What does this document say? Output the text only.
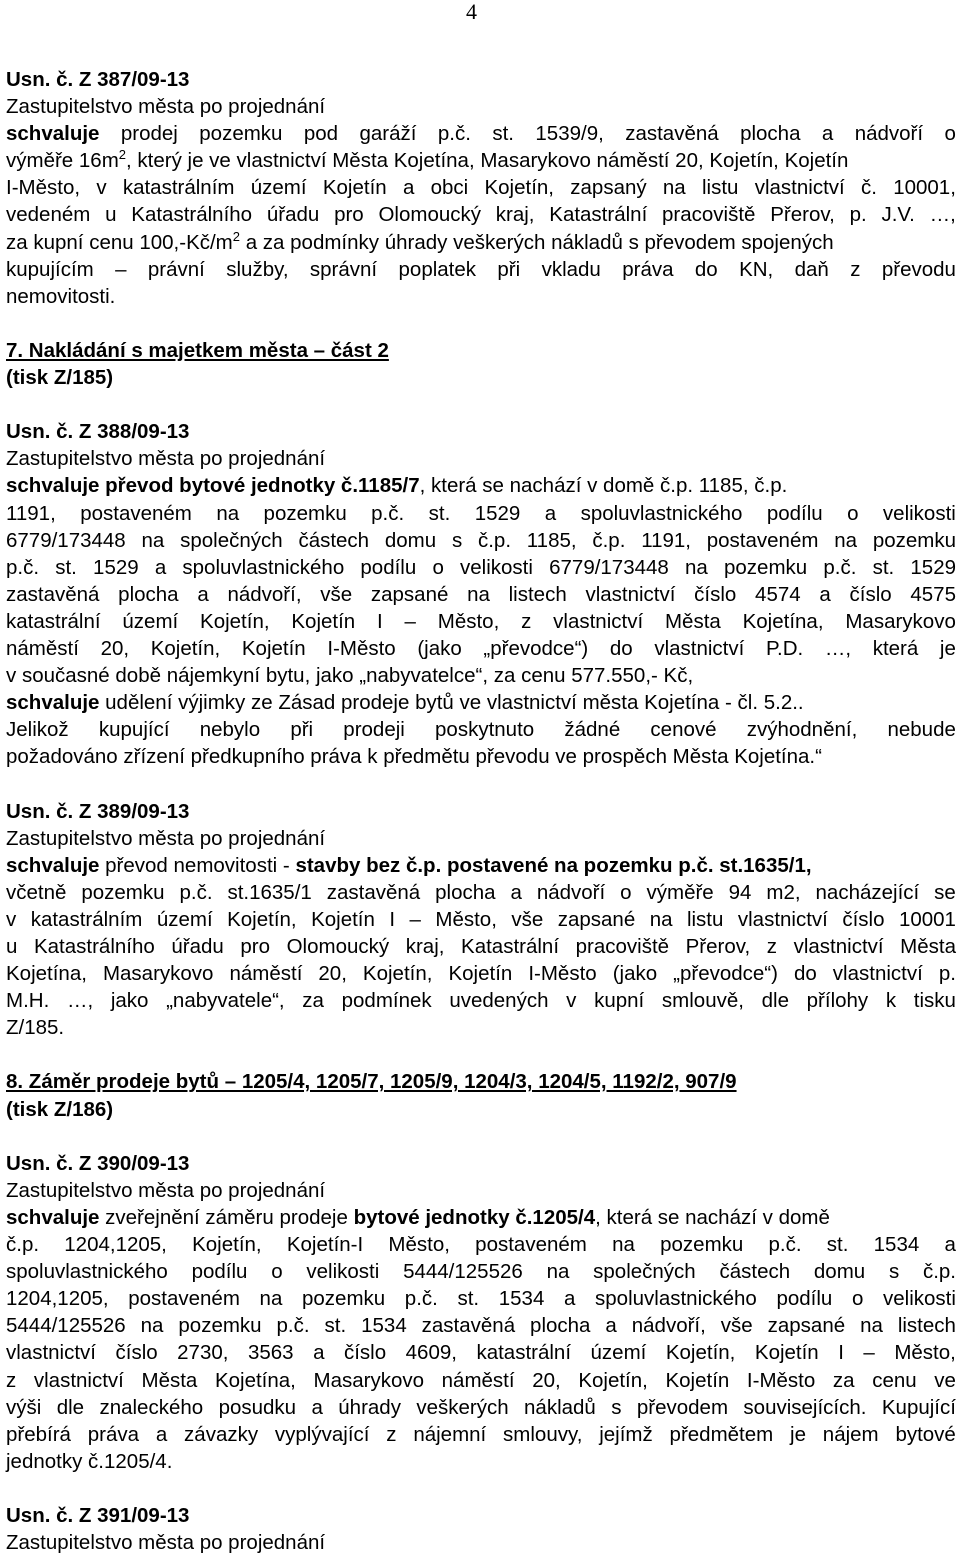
4
Usn. č. Z 387/09-13
Zastupitelstvo města po projednání
schvaluje prodej pozemku pod garáží p.č. st. 1539/9, zastavěná plocha a nádvoří o
výměře $16m^2$, který je ve vlastnictví Města Kojetína, Masarykovo náměstí 20, Kojetín, Kojetín
I-Město, v katastrálním území Kojetín a obci Kojetín, zapsaný na listu vlastnictví č. 10001,
vedeném u Katastrálního úřadu pro Olomoucký kraj, Katastrální pracoviště Přerov, p. J.V. …,
za kupní cenu $100,-Kč/m^2$ a za podmínky úhrady veškerých nákladů s převodem spojených
kupujícím – právní služby, správní poplatek při vkladu práva do KN, daň z převodu
nemovitosti.
7. Nakládání s majetkem města – část 2
(tisk Z/185)
Usn. č. Z 388/09-13
Zastupitelstvo města po projednání
schvaluje převod bytové jednotky č.1185/7, která se nachází v domě č.p. 1185, č.p.
1191, postaveném na pozemku p.č. st. 1529 a spoluvlastnického podílu o velikosti
6779/173448 na společných částech domu s č.p. 1185, č.p. 1191, postaveném na pozemku
p.č. st. 1529 a spoluvlastnického podílu o velikosti 6779/173448 na pozemku p.č. st. 1529
zastavěná plocha a nádvoří, vše zapsané na listech vlastnictví číslo 4574 a číslo 4575
katastrální území Kojetín, Kojetín I – Město, z vlastnictví Města Kojetína, Masarykovo
náměstí 20, Kojetín, Kojetín I-Město (jako „převodce“) do vlastnictví P.D. …, která je
v současné době nájemkyní bytu, jako „nabyvatelce“, za cenu 577.550,- Kč,
schvaluje udělení výjimky ze Zásad prodeje bytů ve vlastnictví města Kojetína - čl. 5.2..
Jelikož kupující nebylo při prodeji poskytnuto žádné cenové zvýhodnění, nebude
požadováno zřízení předkupního práva k předmětu převodu ve prospěch Města Kojetína.“
Usn. č. Z 389/09-13
Zastupitelstvo města po projednání
schvaluje převod nemovitosti - stavby bez č.p. postavené na pozemku p.č. st.1635/1,
včetně pozemku p.č. st.1635/1 zastavěná plocha a nádvoří o výměře 94 m2, nacházející se
v katastrálním území Kojetín, Kojetín I – Město, vše zapsané na listu vlastnictví číslo 10001
u Katastrálního úřadu pro Olomoucký kraj, Katastrální pracoviště Přerov, z vlastnictví Města
Kojetína, Masarykovo náměstí 20, Kojetín, Kojetín I-Město (jako „převodce“) do vlastnictví p.
M.H. …, jako „nabyvatele“, za podmínek uvedených v kupní smlouvě, dle přílohy k tisku
Z/185.
8. Záměr prodeje bytů – 1205/4, 1205/7, 1205/9, 1204/3, 1204/5, 1192/2, 907/9
(tisk Z/186)
Usn. č. Z 390/09-13
Zastupitelstvo města po projednání
schvaluje zveřejnění záměru prodeje bytové jednotky č.1205/4, která se nachází v domě
č.p. 1204,1205, Kojetín, Kojetín-I Město, postaveném na pozemku p.č. st. 1534 a
spoluvlastnického podílu o velikosti 5444/125526 na společných částech domu s č.p.
1204,1205, postaveném na pozemku p.č. st. 1534 a spoluvlastnického podílu o velikosti
5444/125526 na pozemku p.č. st. 1534 zastavěná plocha a nádvoří, vše zapsané na listech
vlastnictví číslo 2730, 3563 a číslo 4609, katastrální území Kojetín, Kojetín I – Město,
z vlastnictví Města Kojetína, Masarykovo náměstí 20, Kojetín, Kojetín I-Město za cenu ve
výši dle znaleckého posudku a úhrady veškerých nákladů s převodem souvisejících. Kupující
přebírá práva a závazky vyplývající z nájemní smlouvy, jejímž předmětem je nájem bytové
jednotky č.1205/4.
Usn. č. Z 391/09-13
Zastupitelstvo města po projednání
